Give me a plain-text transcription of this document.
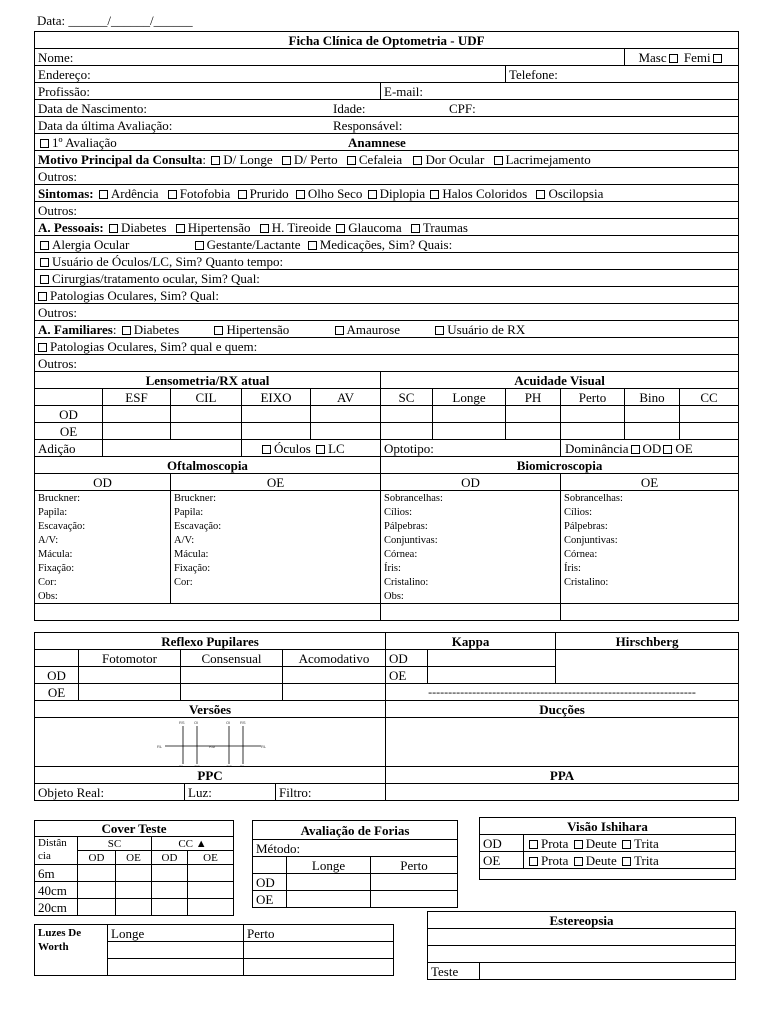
Data: ______/______/______
Ficha Clínica de Optometria - UDF										
Nome:									Masc Femi	
Endereço:							Telefone:			
Profissão:					E-mail:					
Data de Nascimento: Idade: CPF:										

Data da última Avaliação: Responsável:										

1º Avaliação Anamnese										

Motivo Principal da Consulta: D/ Longe D/ Perto Cefaleia Dor Ocular Lacrimejamento										
Outros:										
Sintomas: Ardência Fotofobia Prurido Olho Seco Diplopia Halos Coloridos Oscilopsia										
Outros:										
A. Pessoais: Diabetes Hipertensão H. Tireoide Glaucoma Traumas										
Alergia Ocular Gestante/Lactante Medicações, Sim? Quais:										
Usuário de Óculos/LC, Sim? Quanto tempo:										
Cirurgias/tratamento ocular, Sim? Qual:										
Patologias Oculares, Sim? Qual:										
Outros:										
A. Familiares: Diabetes Hipertensão Amaurose Usuário de RX										
Patologias Oculares, Sim? qual e quem:										
Outros:										
Lensometria/RX atual					Acuidade Visual					
	ESF	CIL	EIXO	AV	SC	Longe	PH	Perto	Bino	CC
OD										
OE										
Adição			Óculos LC		Optotipo:			Dominância OD OE		
Oftalmoscopia					Biomicroscopia					
OD		OE			OD			OE		
Bruckner:		Bruckner:			Sobrancelhas:			Sobrancelhas:		
Papila:		Papila:			Cílios:			Cílios:		
Escavação:		Escavação:			Pálpebras:			Pálpebras:		
A/V:		A/V:			Conjuntivas:			Conjuntivas:		
Mácula:		Mácula:			Córnea:			Córnea:		
Fixação:		Fixação:			Íris:			Íris:		
Cor:		Cor:			Cristalino:			Cristalino:		
Obs:					Obs:					

Reflexo Pupilares	Kappa	Hirschberg
	Fotomotor	Consensual	Acomodativo	OD		
OD				OE	
OE				-------------------------------------------------------------------
Versões	Ducções

RS OI	OI RS
RL	RM	RL
RI	OS	OS RI

PPC	PPA

Objeto Real:	Luz:	Filtro:

Cover Teste				
Distân cia	SC		CC ▲	
	OD	OE	OD	OE
6m				
40cm				
20cm				
Avaliação de Forias		
Método:		
	Longe	Perto
OD		
OE		
Visão Ishihara	
OD	Prota Deute Trita
OE	Prota Deute Trita

Luzes De Worth	Longe	Perto

Estereopsia

Teste	
